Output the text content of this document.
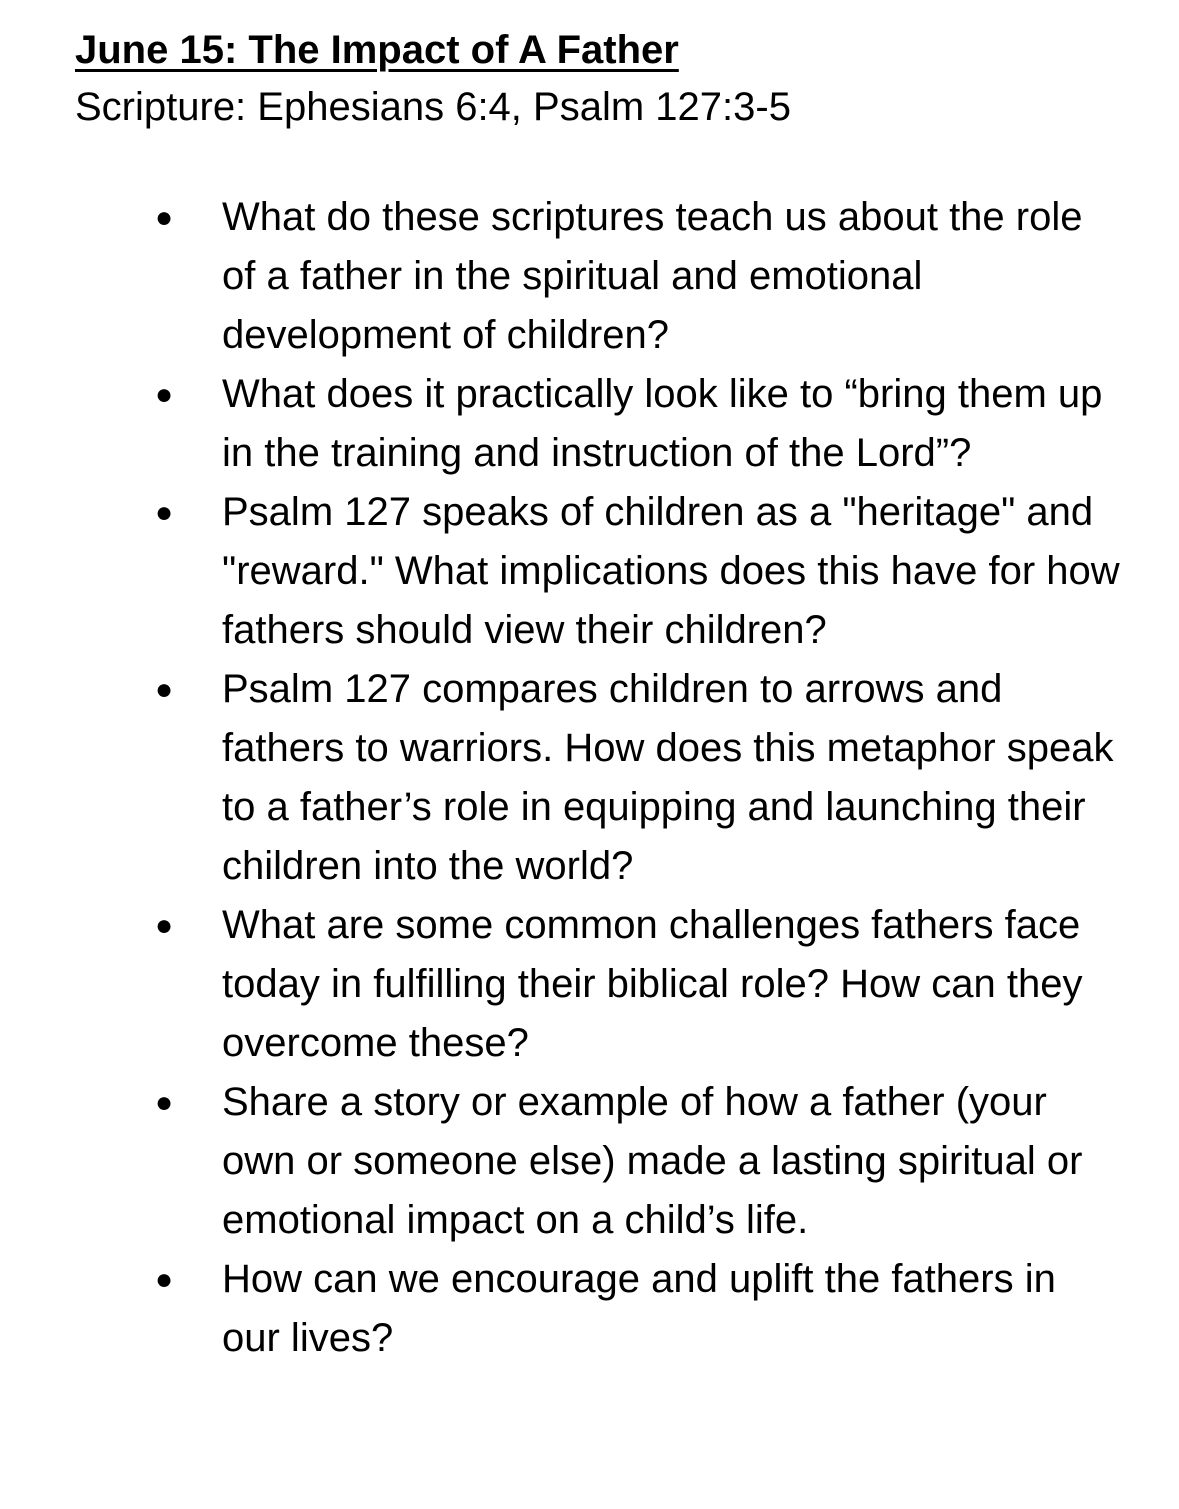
June 15: The Impact of A Father

Scripture: Ephesians 6:4, Psalm 127:3-5

● What do these scriptures teach us about the role of a father in the spiritual and emotional development of children?
● What does it practically look like to “bring them up in the training and instruction of the Lord”?
● Psalm 127 speaks of children as a "heritage" and "reward." What implications does this have for how fathers should view their children?
● Psalm 127 compares children to arrows and fathers to warriors. How does this metaphor speak to a father’s role in equipping and launching their children into the world?
● What are some common challenges fathers face today in fulfilling their biblical role? How can they overcome these?
● Share a story or example of how a father (your own or someone else) made a lasting spiritual or emotional impact on a child’s life.
● How can we encourage and uplift the fathers in our lives?
